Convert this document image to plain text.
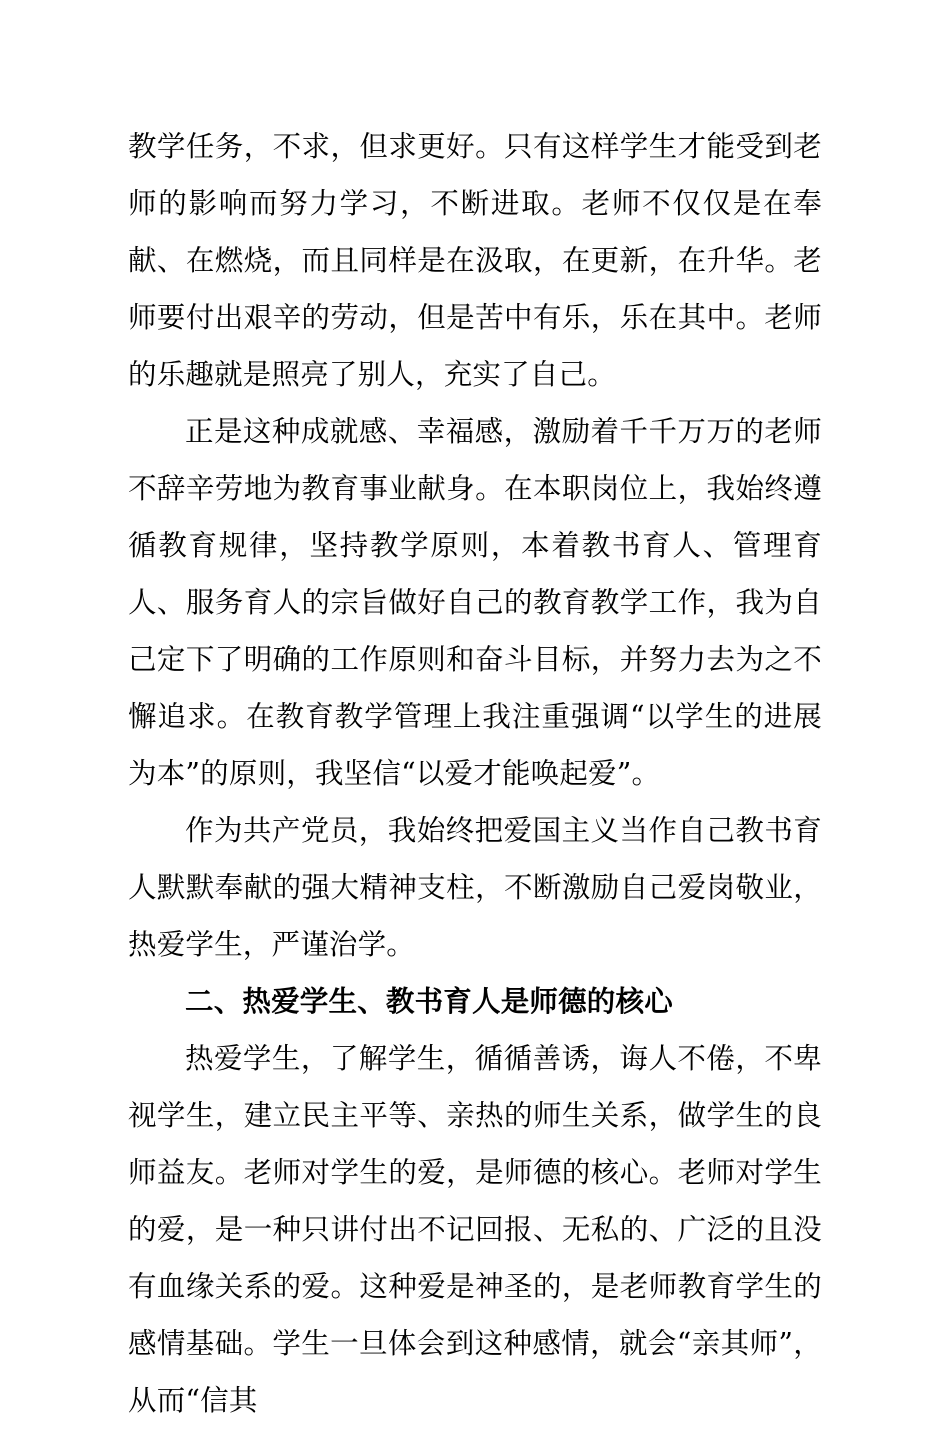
教学任务，不求，但求更好。只有这样学生才能受到老师的影响而努力学习，不断进取。老师不仅仅是在奉献、在燃烧，而且同样是在汲取，在更新，在升华。老师要付出艰辛的劳动，但是苦中有乐，乐在其中。老师的乐趣就是照亮了别人，充实了自己。

正是这种成就感、幸福感，激励着千千万万的老师不辞辛劳地为教育事业献身。在本职岗位上，我始终遵循教育规律，坚持教学原则，本着教书育人、管理育人、服务育人的宗旨做好自己的教育教学工作，我为自己定下了明确的工作原则和奋斗目标，并努力去为之不懈追求。在教育教学管理上我注重强调“以学生的进展为本”的原则，我坚信“以爱才能唤起爱”。

作为共产党员，我始终把爱国主义当作自己教书育人默默奉献的强大精神支柱，不断激励自己爱岗敬业，热爱学生，严谨治学。

二、热爱学生、教书育人是师德的核心

热爱学生，了解学生，循循善诱，诲人不倦，不卑视学生，建立民主平等、亲热的师生关系，做学生的良师益友。老师对学生的爱，是师德的核心。老师对学生的爱，是一种只讲付出不记回报、无私的、广泛的且没有血缘关系的爱。这种爱是神圣的，是老师教育学生的感情基础。学生一旦体会到这种感情，就会“亲其师”，从而“信其
